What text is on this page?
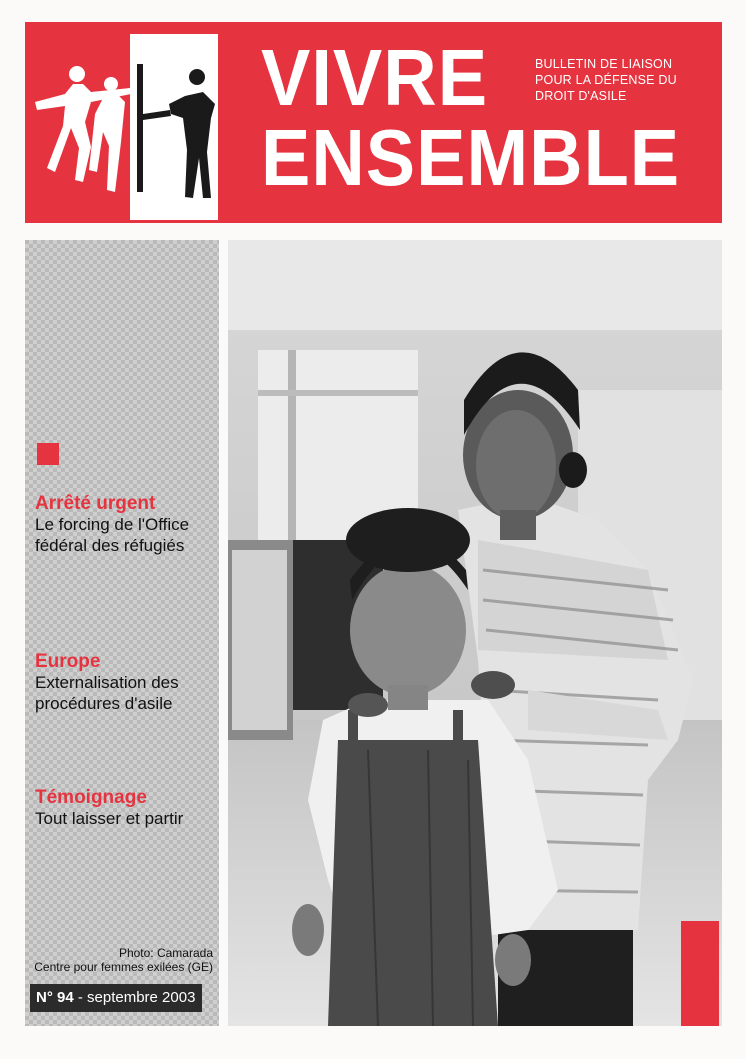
VIVRE
ENSEMBLE
BULLETIN DE LIAISON
POUR LA DÉFENSE DU
DROIT D'ASILE
Arrêté urgent
Le forcing de l'Office fédéral des réfugiés
Europe
Externalisation des procédures d'asile
Témoignage
Tout laisser et partir
Photo: Camarada
Centre pour femmes exilées (GE)
N° 94 - septembre 2003
